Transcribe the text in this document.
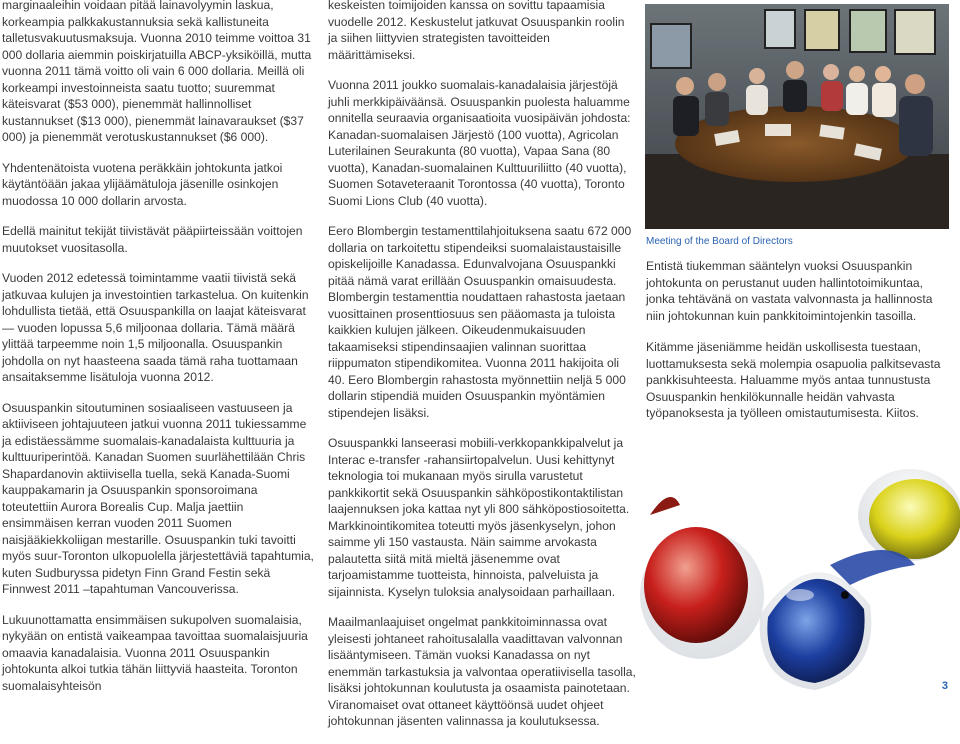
marginaaleihin voidaan pitää lainavolyymin laskua, korkeampia palkkakustannuksia sekä kallistuneita talletusvakuutusmaksuja. Vuonna 2010 teimme voittoa 31 000 dollaria aiemmin poiskirjatuilla ABCP-yksiköillä, mutta vuonna 2011 tämä voitto oli vain 6 000 dollaria. Meillä oli korkeampi investoinneista saatu tuotto; suuremmat käteisvarat ($53 000), pienemmät hallinnolliset kustannukset ($13 000), pienemmät lainavaraukset ($37 000) ja pienemmät verotuskustannukset ($6 000).

Yhdentenätoista vuotena peräkkäin johtokunta jatkoi käytäntöään jakaa ylijäämätuloja jäsenille osinkojen muodossa 10 000 dollarin arvosta.

Edellä mainitut tekijät tiivistävät pääpiirteissään voittojen muutokset vuositasolla.

Vuoden 2012 edetessä toimintamme vaatii tiivistä sekä jatkuvaa kulujen ja investointien tarkastelua. On kuitenkin lohdullista tietää, että Osuuspankilla on laajat käteisvarat — vuoden lopussa 5,6 miljoonaa dollaria. Tämä määrä ylittää tarpeemme noin 1,5 miljoonalla. Osuuspankin johdolla on nyt haasteena saada tämä raha tuottamaan ansaitaksemme lisätuloja vuonna 2012.

Osuuspankin sitoutuminen sosiaaliseen vastuuseen ja aktiiviseen johtajuuteen jatkui vuonna 2011 tukiessamme ja edistäessämme suomalais-kanadalaista kulttuuria ja kulttuuriperintöä. Kanadan Suomen suurlähettilään Chris Shapardanovin aktiivisella tuella, sekä Kanada-Suomi kauppakamarin ja Osuuspankin sponsoroimana toteutettiin Aurora Borealis Cup. Malja jaettiin ensimmäisen kerran vuoden 2011 Suomen naisjääkiekkoliigan mestarille. Osuuspankin tuki tavoitti myös suur-Toronton ulkopuolella järjestettäviä tapahtumia, kuten Sudburyssa pidetyn Finn Grand Festin sekä Finnwest 2011 –tapahtuman Vancouverissa.

Lukuunottamatta ensimmäisen sukupolven suomalaisia, nykyään on entistä vaikeampaa tavoittaa suomalaisjuuria omaavia kanadalaisia. Vuonna 2011 Osuuspankin johtokunta alkoi tutkia tähän liittyviä haasteita. Toronton suomalaisyhteisön

keskeisten toimijoiden kanssa on sovittu tapaamisia vuodelle 2012. Keskustelut jatkuvat Osuuspankin roolin ja siihen liittyvien strategisten tavoitteiden määrittämiseksi.

Vuonna 2011 joukko suomalais-kanadalaisia järjestöjä juhli merkkipäiväänsä. Osuuspankin puolesta haluamme onnitella seuraavia organisaatioita vuosipäivän johdosta: Kanadan-suomalaisen Järjestö (100 vuotta), Agricolan Luterilainen Seurakunta (80 vuotta), Vapaa Sana (80 vuotta), Kanadan-suomalainen Kulttuuriliitto (40 vuotta), Suomen Sotaveteraanit Torontossa (40 vuotta), Toronto Suomi Lions Club (40 vuotta).

Eero Blombergin testamenttilahjoituksena saatu 672 000 dollaria on tarkoitettu stipendeiksi suomalaistaustaisille opiskelijoille Kanadassa. Edunvalvojana Osuuspankki pitää nämä varat erillään Osuuspankin omaisuudesta. Blombergin testamenttia noudattaen rahastosta jaetaan vuosittainen prosenttiosuus sen pääomasta ja tuloista kaikkien kulujen jälkeen. Oikeudenmukaisuuden takaamiseksi stipendinsaajien valinnan suorittaa riippumaton stipendikomitea. Vuonna 2011 hakijoita oli 40. Eero Blombergin rahastosta myönnettiin neljä 5 000 dollarin stipendiä muiden Osuuspankin myöntämien stipendejen lisäksi.

Osuuspankki lanseerasi mobiili-verkkopankkipalvelut ja Interac e-transfer -rahansiirtopalvelun. Uusi kehittynyt teknologia toi mukanaan myös sirulla varustetut pankkikortit sekä Osuuspankin sähköpostikontaktilistan laajennuksen joka kattaa nyt yli 800 sähköpostiosoitetta. Markkinointikomitea toteutti myös jäsenkyselyn, johon saimme yli 150 vastausta. Näin saimme arvokasta palautetta siitä mitä mieltä jäsenemme ovat tarjoamistamme tuotteista, hinnoista, palveluista ja sijainnista. Kyselyn tuloksia analysoidaan parhaillaan.

Maailmanlaajuiset ongelmat pankkitoiminnassa ovat yleisesti johtaneet rahoitusalalla vaadittavan valvonnan lisääntymiseen. Tämän vuoksi Kanadassa on nyt enemmän tarkastuksia ja valvontaa operatiivisella tasolla, lisäksi johtokunnan koulutusta ja osaamista painotetaan. Viranomaiset ovat ottaneet käyttöönsä uudet ohjeet johtokunnan jäsenten valinnassa ja koulutuksessa.

Meeting of the Board of Directors

Entistä tiukemman sääntelyn vuoksi Osuuspankin johtokunta on perustanut uuden hallintotoimikuntaa, jonka tehtävänä on vastata valvonnasta ja hallinnosta niin johtokunnan kuin pankkitoimintojenkin tasoilla.

Kitämme jäseniämme heidän uskollisesta tuestaan, luottamuksesta sekä molempia osapuolia palkitsevasta pankkisuhteesta. Haluamme myös antaa tunnustusta Osuuspankin henkilökunnalle heidän vahvasta työpanoksesta ja työlleen omistautumisesta. Kiitos.

3
